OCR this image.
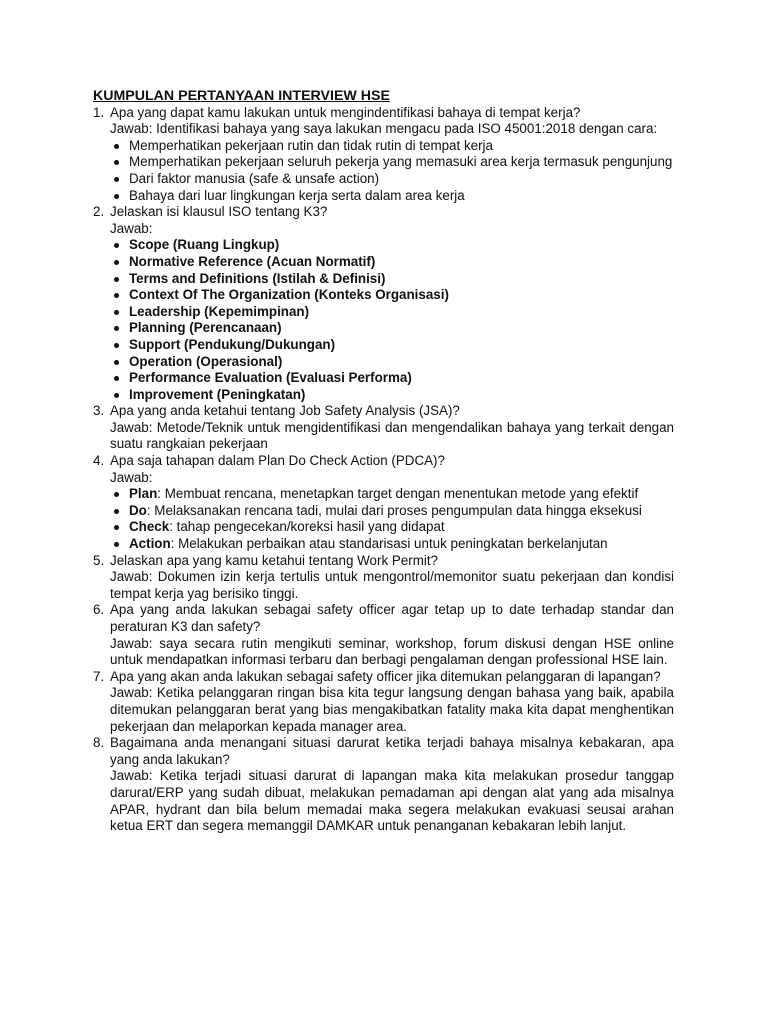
KUMPULAN PERTANYAAN INTERVIEW HSE
1. Apa yang dapat kamu lakukan untuk mengindentifikasi bahaya di tempat kerja?
Jawab: Identifikasi bahaya yang saya lakukan mengacu pada ISO 45001:2018 dengan cara:
Memperhatikan pekerjaan rutin dan tidak rutin di tempat kerja
Memperhatikan pekerjaan seluruh pekerja yang memasuki area kerja termasuk pengunjung
Dari faktor manusia (safe & unsafe action)
Bahaya dari luar lingkungan kerja serta dalam area kerja
2. Jelaskan isi klausul ISO tentang K3?
Jawab:
Scope (Ruang Lingkup)
Normative Reference (Acuan Normatif)
Terms and Definitions (Istilah & Definisi)
Context Of The Organization (Konteks Organisasi)
Leadership (Kepemimpinan)
Planning (Perencanaan)
Support (Pendukung/Dukungan)
Operation (Operasional)
Performance Evaluation (Evaluasi Performa)
Improvement (Peningkatan)
3. Apa yang anda ketahui tentang Job Safety Analysis (JSA)?
Jawab: Metode/Teknik untuk mengidentifikasi dan mengendalikan bahaya yang terkait dengan suatu rangkaian pekerjaan
4. Apa saja tahapan dalam Plan Do Check Action (PDCA)?
Jawab:
Plan: Membuat rencana, menetapkan target dengan menentukan metode yang efektif
Do: Melaksanakan rencana tadi, mulai dari proses pengumpulan data hingga eksekusi
Check: tahap pengecekan/koreksi hasil yang didapat
Action: Melakukan perbaikan atau standarisasi untuk peningkatan berkelanjutan
5. Jelaskan apa yang kamu ketahui tentang Work Permit?
Jawab: Dokumen izin kerja tertulis untuk mengontrol/memonitor suatu pekerjaan dan kondisi tempat kerja yag berisiko tinggi.
6. Apa yang anda lakukan sebagai safety officer agar tetap up to date terhadap standar dan peraturan K3 dan safety?
Jawab: saya secara rutin mengikuti seminar, workshop, forum diskusi dengan HSE online untuk mendapatkan informasi terbaru dan berbagi pengalaman dengan professional HSE lain.
7. Apa yang akan anda lakukan sebagai safety officer jika ditemukan pelanggaran di lapangan?
Jawab: Ketika pelanggaran ringan bisa kita tegur langsung dengan bahasa yang baik, apabila ditemukan pelanggaran berat yang bias mengakibatkan fatality maka kita dapat menghentikan pekerjaan dan melaporkan kepada manager area.
8. Bagaimana anda menangani situasi darurat ketika terjadi bahaya misalnya kebakaran, apa yang anda lakukan?
Jawab: Ketika terjadi situasi darurat di lapangan maka kita melakukan prosedur tanggap darurat/ERP yang sudah dibuat, melakukan pemadaman api dengan alat yang ada misalnya APAR, hydrant dan bila belum memadai maka segera melakukan evakuasi seusai arahan ketua ERT dan segera memanggil DAMKAR untuk penanganan kebakaran lebih lanjut.
